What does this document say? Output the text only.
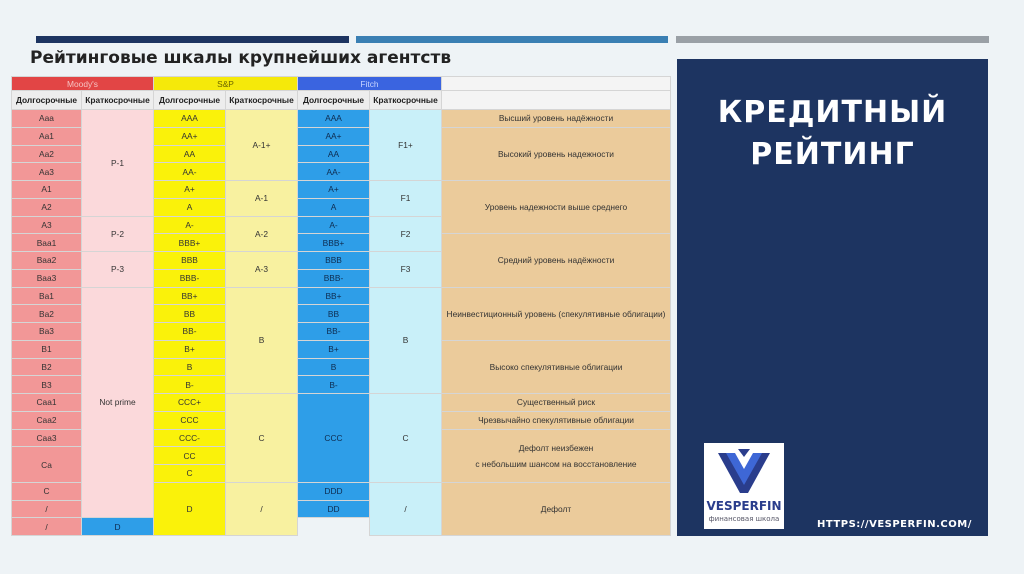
Рейтинговые шкалы крупнейших агентств
Moody's		S&P		Fitch		
Долгосрочные	Краткосрочные	Долгосрочные	Краткосрочные	Долгосрочные	Краткосрочные	
Aaa	P-1	AAA	A-1+	AAA	F1+	Высший уровень надёжности
Aa1		AA+		AA+		Высокий уровень надежности
Aa2		AA		AA		
Aa3		AA-		AA-		
A1		A+	A-1	A+	F1	Уровень надежности выше среднего
A2		A		A		
A3	P-2	A-	A-2	A-	F2	
Baa1		BBB+		BBB+		Средний уровень надёжности
Baa2	P-3	BBB	A-3	BBB	F3	
Baa3		BBB-		BBB-		
Ba1	Not prime	BB+	B	BB+	B	Неинвестиционный уровень (спекулятивные облигации)
Ba2		BB		BB		
Ba3		BB-		BB-		
B1		B+		B+		Высоко спекулятивные облигации
B2		B		B		
B3		B-		B-		
Caa1		CCC+	C	CCC	C	Существенный риск
Caa2		CCC				Чрезвычайно спекулятивные облигации
Caa3		CCC-				Дефолт неизбежен
с небольшим шансом на восстановление
Ca		CC				
		C				
C		D	/	DDD	/	Дефолт
/				DD		
/	D					
КРЕДИТНЫЙ
РЕЙТИНГ
VESPERFIN
финансовая школа	HTTPS://VESPERFIN.COM/
